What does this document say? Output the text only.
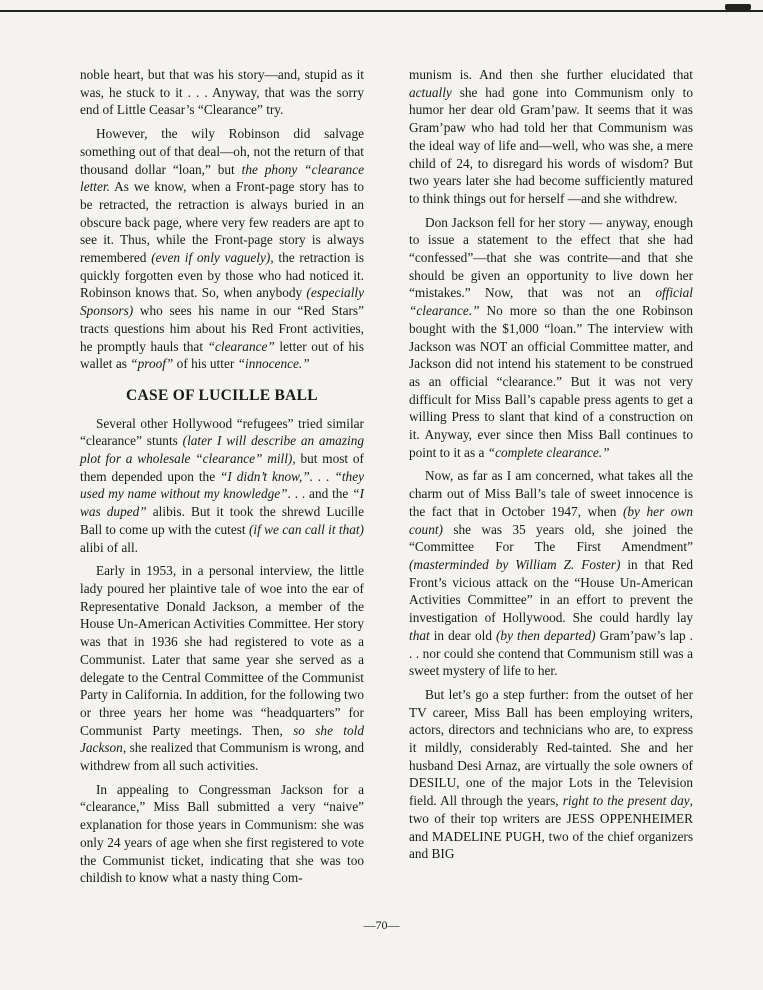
noble heart, but that was his story—and, stupid as it was, he stuck to it . . . Anyway, that was the sorry end of Little Ceasar’s “Clearance” try.

However, the wily Robinson did salvage something out of that deal—oh, not the return of that thousand dollar “loan,” but the phony “clearance letter. As we know, when a Front-page story has to be retracted, the retraction is always buried in an obscure back page, where very few readers are apt to see it. Thus, while the Front-page story is always remembered (even if only vaguely), the retraction is quickly forgotten even by those who had noticed it. Robinson knows that. So, when anybody (especially Sponsors) who sees his name in our “Red Stars” tracts questions him about his Red Front activities, he promptly hauls that “clearance” letter out of his wallet as “proof” of his utter “innocence.”

CASE OF LUCILLE BALL

Several other Hollywood “refugees” tried similar “clearance” stunts (later I will describe an amazing plot for a wholesale “clearance” mill), but most of them depended upon the “I didn’t know,”. . . “they used my name without my knowledge”. . . and the “I was duped” alibis. But it took the shrewd Lucille Ball to come up with the cutest (if we can call it that) alibi of all.

Early in 1953, in a personal interview, the little lady poured her plaintive tale of woe into the ear of Representative Donald Jackson, a member of the House Un-American Activities Committee. Her story was that in 1936 she had registered to vote as a Communist. Later that same year she served as a delegate to the Central Committee of the Communist Party in California. In addition, for the following two or three years her home was “headquarters” for Communist Party meetings. Then, so she told Jackson, she realized that Communism is wrong, and withdrew from all such activities.

In appealing to Congressman Jackson for a “clearance,” Miss Ball submitted a very “naive” explanation for those years in Communism: she was only 24 years of age when she first registered to vote the Communist ticket, indicating that she was too childish to know what a nasty thing Com-

munism is. And then she further elucidated that actually she had gone into Communism only to humor her dear old Gram’paw. It seems that it was Gram’paw who had told her that Communism was the ideal way of life and—well, who was she, a mere child of 24, to disregard his words of wisdom? But two years later she had become sufficiently matured to think things out for herself —and she withdrew.

Don Jackson fell for her story — anyway, enough to issue a statement to the effect that she had “confessed”—that she was contrite—and that she should be given an opportunity to live down her “mistakes.” Now, that was not an official “clearance.” No more so than the one Robinson bought with the $1,000 “loan.” The interview with Jackson was NOT an official Committee matter, and Jackson did not intend his statement to be construed as an official “clearance.” But it was not very difficult for Miss Ball’s capable press agents to get a willing Press to slant that kind of a construction on it. Anyway, ever since then Miss Ball continues to point to it as a “complete clearance.”

Now, as far as I am concerned, what takes all the charm out of Miss Ball’s tale of sweet innocence is the fact that in October 1947, when (by her own count) she was 35 years old, she joined the “Committee For The First Amendment” (masterminded by William Z. Foster) in that Red Front’s vicious attack on the “House Un-American Activities Committee” in an effort to prevent the investigation of Hollywood. She could hardly lay that in dear old (by then departed) Gram’paw’s lap . . . nor could she contend that Communism still was a sweet mystery of life to her.

But let’s go a step further: from the outset of her TV career, Miss Ball has been employing writers, actors, directors and technicians who are, to express it mildly, considerably Red-tainted. She and her husband Desi Arnaz, are virtually the sole owners of DESILU, one of the major Lots in the Television field. All through the years, right to the present day, two of their top writers are JESS OPPENHEIMER and MADELINE PUGH, two of the chief organizers and BIG

—70—
